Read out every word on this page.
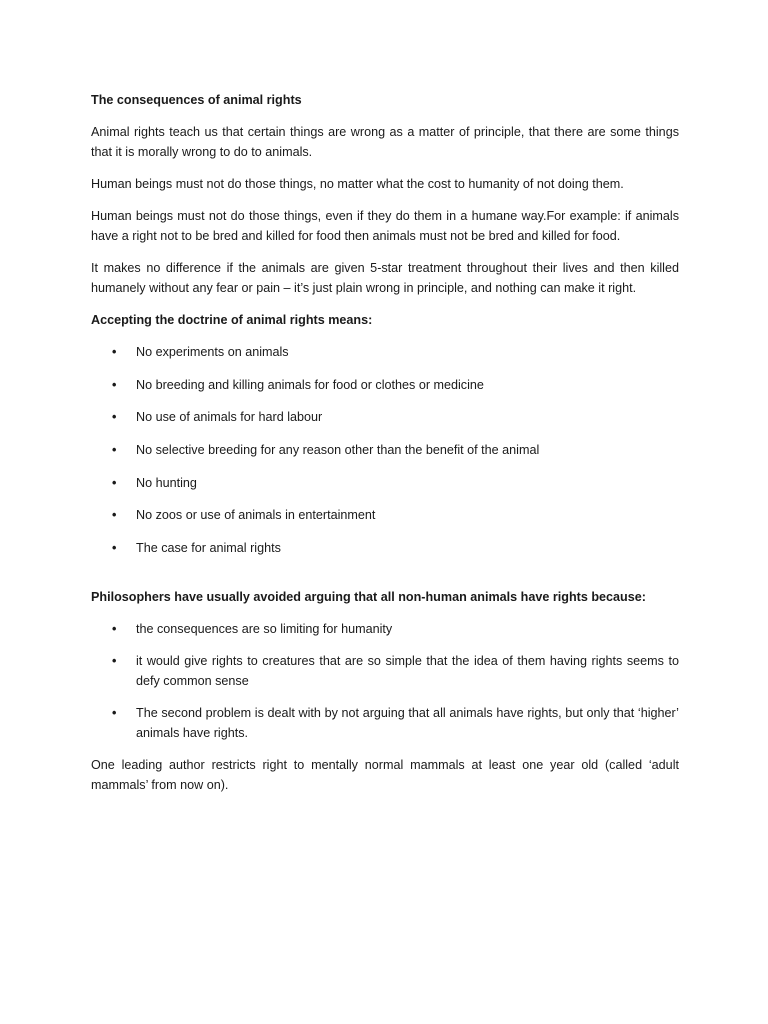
The consequences of animal rights

Animal rights teach us that certain things are wrong as a matter of principle, that there are some things that it is morally wrong to do to animals.

Human beings must not do those things, no matter what the cost to humanity of not doing them.

Human beings must not do those things, even if they do them in a humane way.For example: if animals have a right not to be bred and killed for food then animals must not be bred and killed for food.

It makes no difference if the animals are given 5-star treatment throughout their lives and then killed humanely without any fear or pain – it’s just plain wrong in principle, and nothing can make it right.

Accepting the doctrine of animal rights means:
• No experiments on animals
• No breeding and killing animals for food or clothes or medicine
• No use of animals for hard labour
• No selective breeding for any reason other than the benefit of the animal
• No hunting
• No zoos or use of animals in entertainment
• The case for animal rights
Philosophers have usually avoided arguing that all non-human animals have rights because:
• the consequences are so limiting for humanity
• it would give rights to creatures that are so simple that the idea of them having rights seems to defy common sense
• The second problem is dealt with by not arguing that all animals have rights, but only that ‘higher’ animals have rights.

One leading author restricts right to mentally normal mammals at least one year old (called ‘adult mammals’ from now on).
